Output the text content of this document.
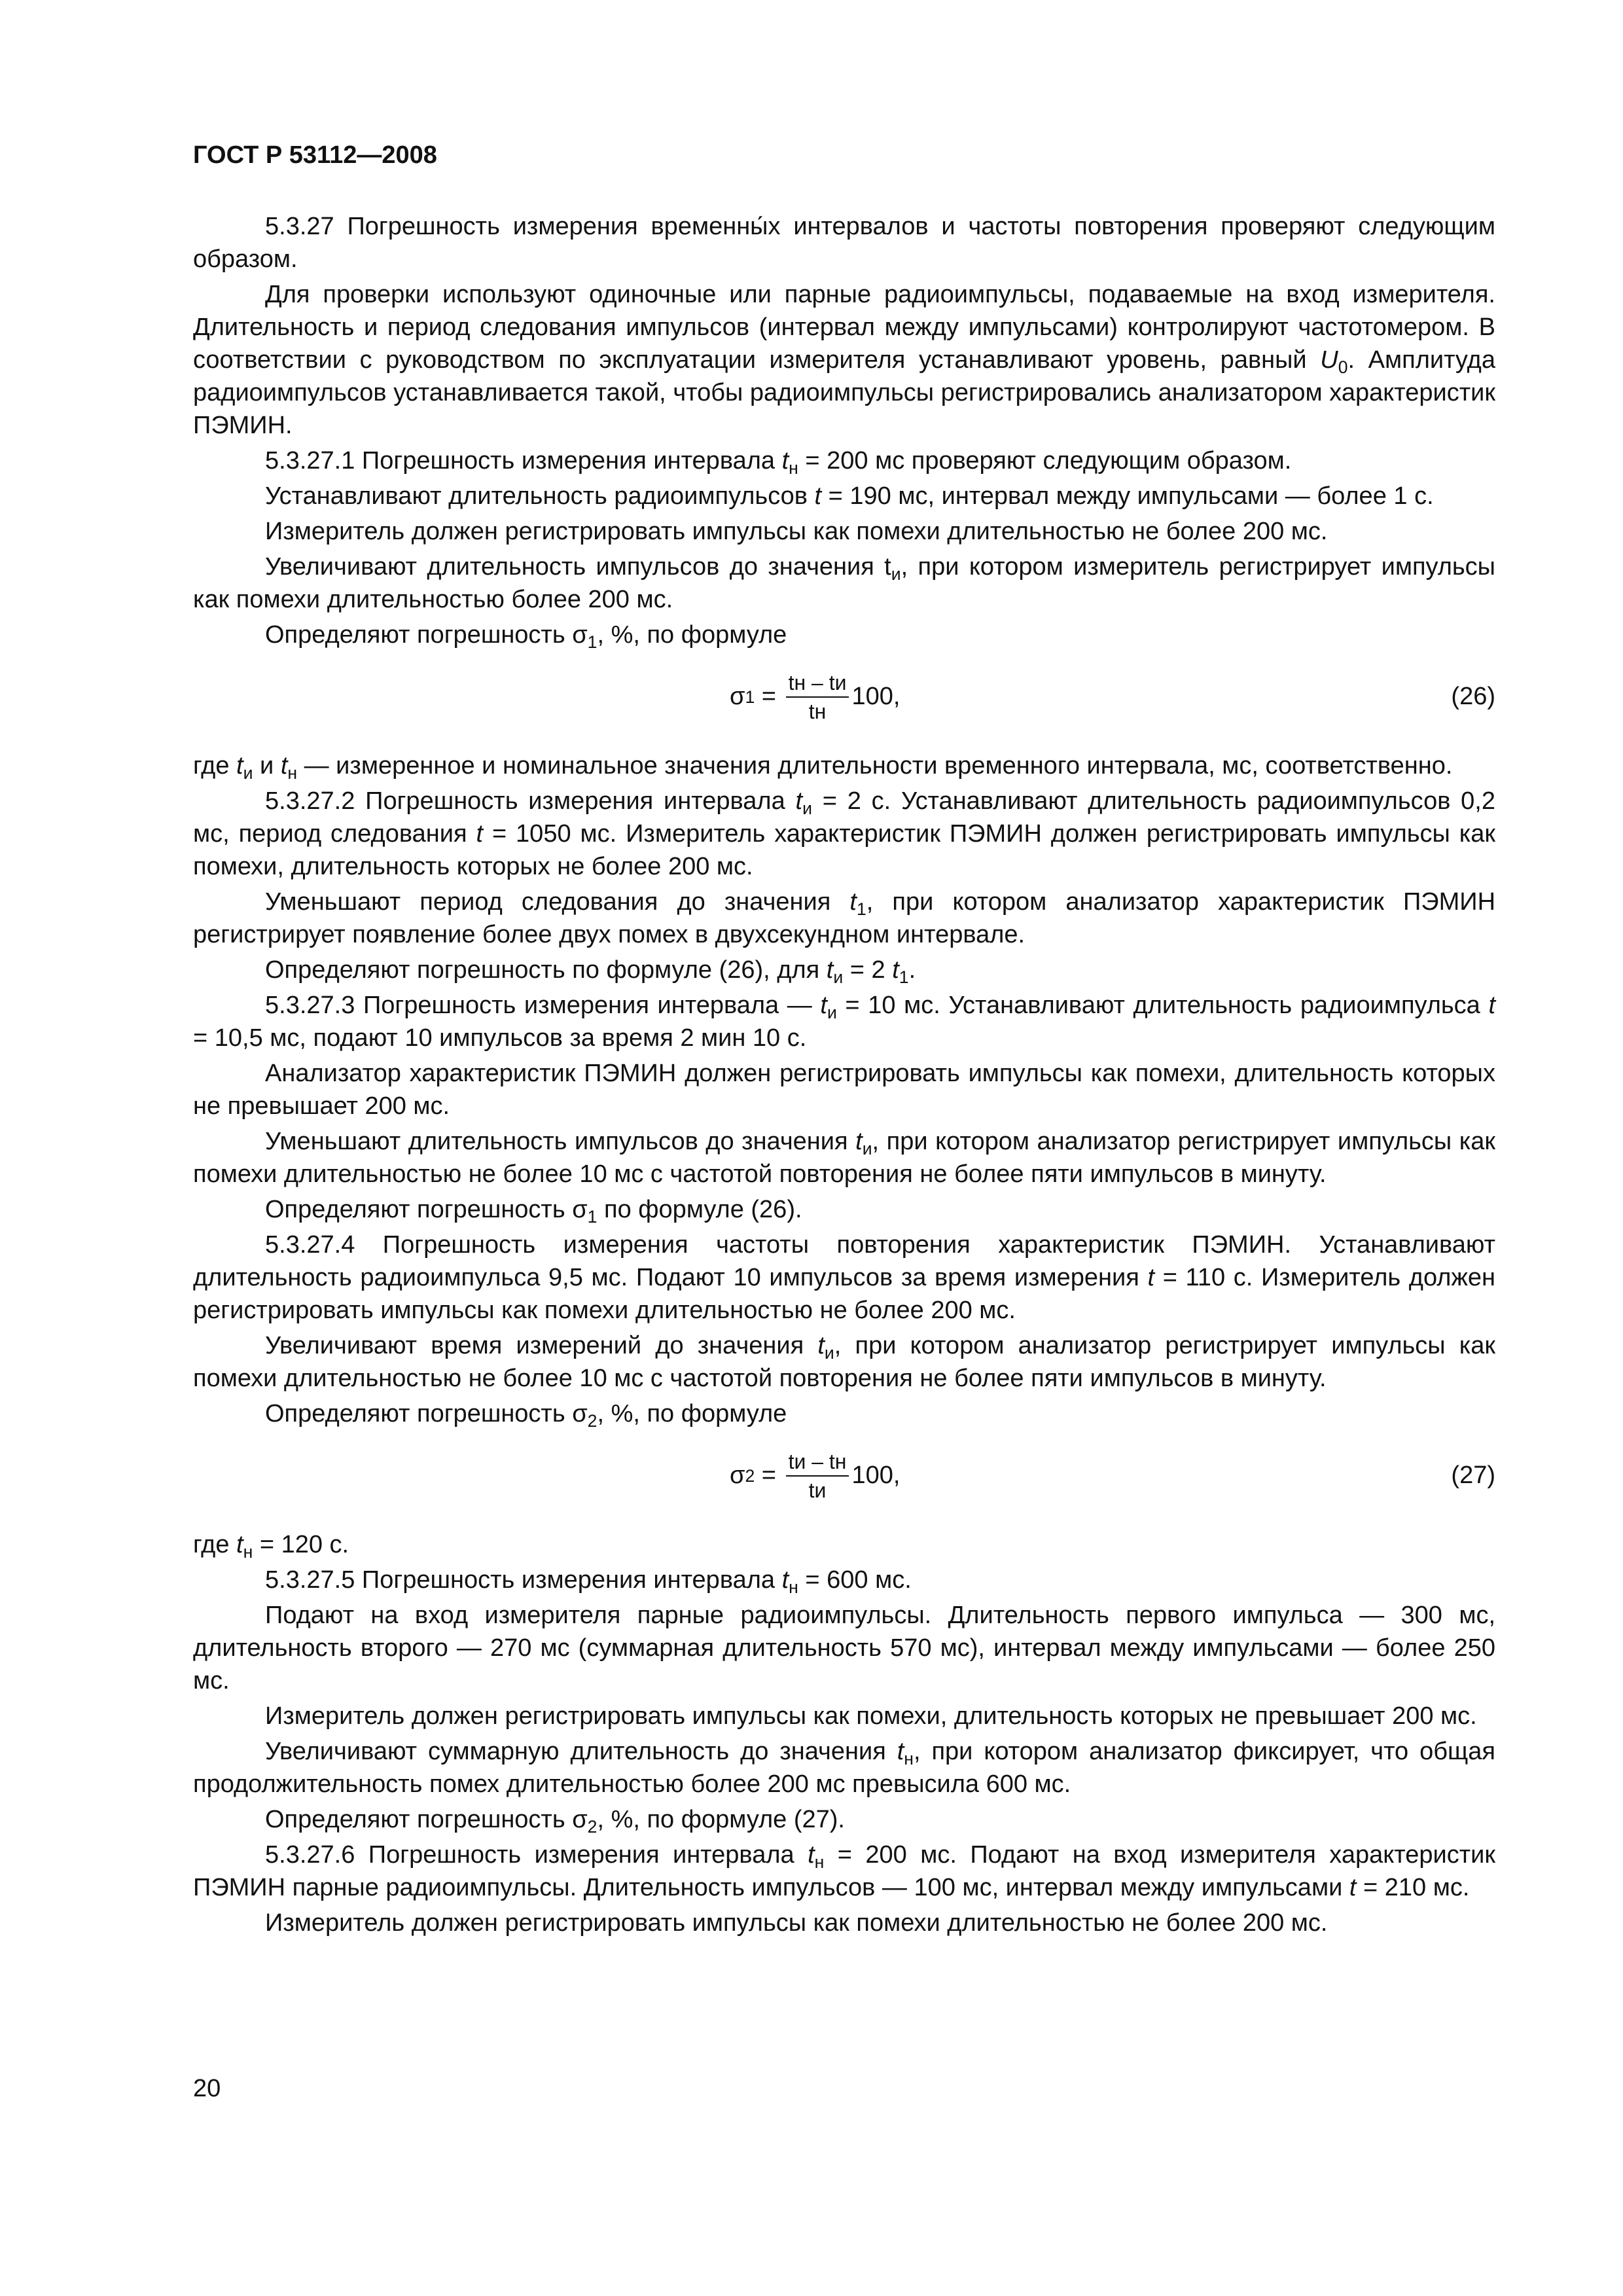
ГОСТ Р 53112—2008

5.3.27 Погрешность измерения временны́х интервалов и частоты повторения проверяют следующим образом.

Для проверки используют одиночные или парные радиоимпульсы, подаваемые на вход измерителя. Длительность и период следования импульсов (интервал между импульсами) контролируют частотомером. В соответствии с руководством по эксплуатации измерителя устанавливают уровень, равный $U_0$. Амплитуда радиоимпульсов устанавливается такой, чтобы радиоимпульсы регистрировались анализатором характеристик ПЭМИН.

5.3.27.1 Погрешность измерения интервала $t_н = 200$ мс проверяют следующим образом.

Устанавливают длительность радиоимпульсов t = 190 мс, интервал между импульсами — более 1 с.

Измеритель должен регистрировать импульсы как помехи длительностью не более 200 мс.

Увеличивают длительность импульсов до значения $t_и$, при котором измеритель регистрирует импульсы как помехи длительностью более 200 мс.

Определяют погрешность $\sigma_1$, %, по формуле

σ $1 = \frac{tн - tи}{tн} 100$,	(26)

где $t_и$ и $t_н$ — измеренное и номинальное значения длительности временного интервала, мс, соответственно.

5.3.27.2 Погрешность измерения интервала $t_и = 2$ с. Устанавливают длительность радиоимпульсов 0,2 мс, период следования t = 1050 мс. Измеритель характеристик ПЭМИН должен регистрировать импульсы как помехи, длительность которых не более 200 мс.

Уменьшают период следования до значения $t_1$, при котором анализатор характеристик ПЭМИН регистрирует появление более двух помех в двухсекундном интервале.

Определяют погрешность по формуле (26), для $t_и = 2$ $t_1$.

5.3.27.3 Погрешность измерения интервала — $t_и = 10$ мс. Устанавливают длительность радиоимпульса t = 10,5 мс, подают 10 импульсов за время 2 мин 10 с.

Анализатор характеристик ПЭМИН должен регистрировать импульсы как помехи, длительность которых не превышает 200 мс.

Уменьшают длительность импульсов до значения $t_и$, при котором анализатор регистрирует импульсы как помехи длительностью не более 10 мс с частотой повторения не более пяти импульсов в минуту.

Определяют погрешность $\sigma_1$ по формуле (26).

5.3.27.4 Погрешность измерения частоты повторения характеристик ПЭМИН. Устанавливают длительность радиоимпульса 9,5 мс. Подают 10 импульсов за время измерения t = 110 с. Измеритель должен регистрировать импульсы как помехи длительностью не более 200 мс.

Увеличивают время измерений до значения $t_и$, при котором анализатор регистрирует импульсы как помехи длительностью не более 10 мс с частотой повторения не более пяти импульсов в минуту.

Определяют погрешность $\sigma_2$, %, по формуле

σ $2 = \frac{tи - tн}{tи} 100$,	(27)

где $t_н = 120$ с.

5.3.27.5 Погрешность измерения интервала $t_н = 600$ мс.

Подают на вход измерителя парные радиоимпульсы. Длительность первого импульса — 300 мс, длительность второго — 270 мс (суммарная длительность 570 мс), интервал между импульсами — более 250 мс.

Измеритель должен регистрировать импульсы как помехи, длительность которых не превышает 200 мс.

Увеличивают суммарную длительность до значения $t_н$, при котором анализатор фиксирует, что общая продолжительность помех длительностью более 200 мс превысила 600 мс.

Определяют погрешность $\sigma_2$, %, по формуле (27).

5.3.27.6 Погрешность измерения интервала $t_н = 200$ мс. Подают на вход измерителя характеристик ПЭМИН парные радиоимпульсы. Длительность импульсов — 100 мс, интервал между импульсами t = 210 мс.

Измеритель должен регистрировать импульсы как помехи длительностью не более 200 мс.

20
